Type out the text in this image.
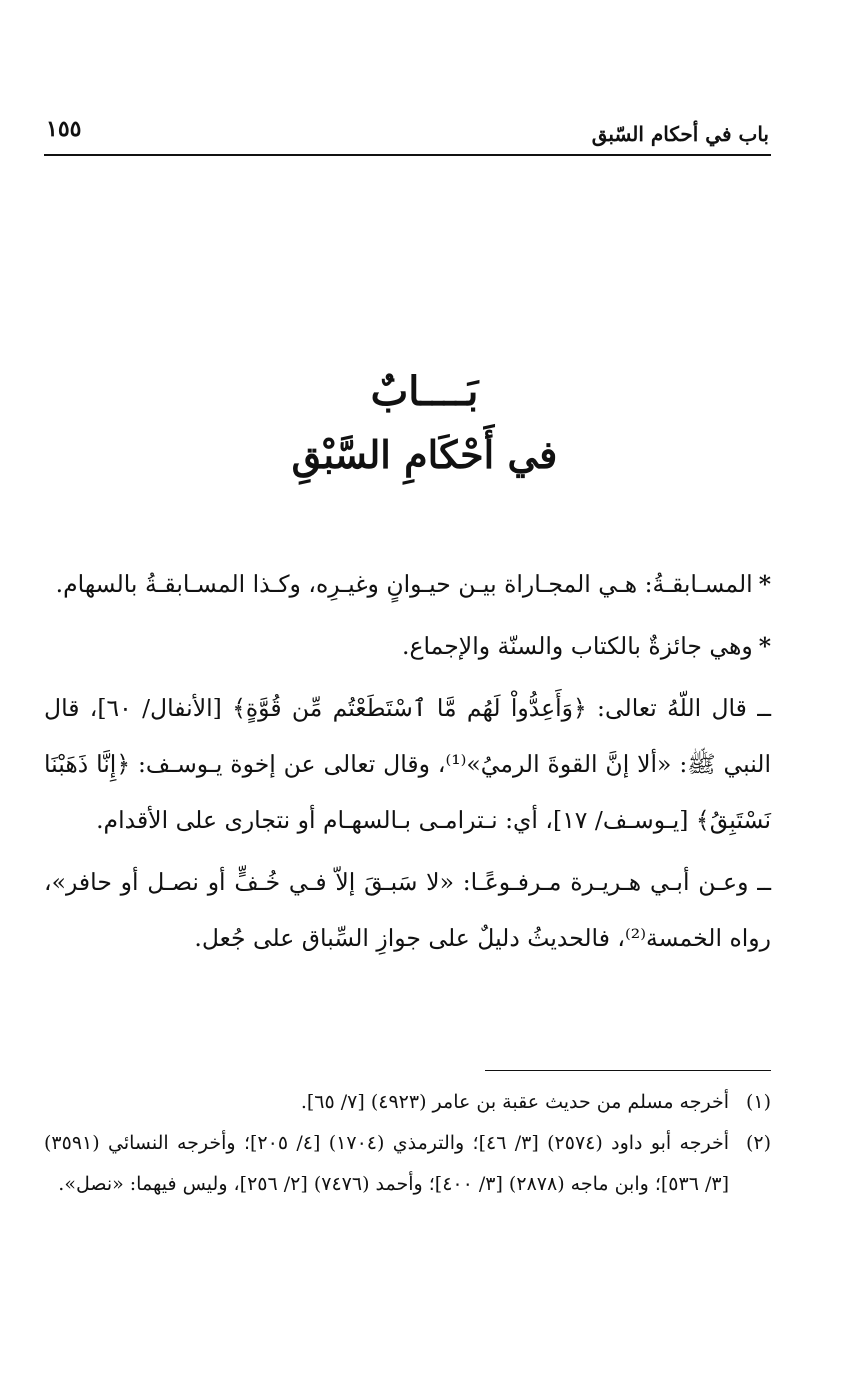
باب في أحكام السّبق
١٥٥
بَــــابٌ
في أَحْكَامِ السَّبْقِ

*المسـابقـةُ: هـي المجـاراة بيـن حيـوانٍ وغيـرِه، وكـذا المسـابقـةُ بالسهام.

*وهي جائزةٌ بالكتاب والسنّة والإجماع.

ــ قال اللّهُ تعالى: ﴿وَأَعِدُّواْ لَهُم مَّا ٱسْتَطَعْتُم مِّن قُوَّةٍ﴾ [الأنفال/ ٦٠]، قال النبي ﷺ: «ألا إنَّ القوةَ الرميُ»⁽¹⁾، وقال تعالى عن إخوة يـوسـف: ﴿إِنَّا ذَهَبْنَا نَسْتَبِقُ﴾ [يـوسـف/ ١٧]، أي: نـترامـى بـالسهـام أو نتجارى على الأقدام.

ــ وعـن أبـي هـريـرة مـرفـوعًـا: «لا سَبـقَ إلاّ فـي خُـفٍّ أو نصـل أو حافر»، رواه الخمسة⁽²⁾، فالحديثُ دليلٌ على جوازِ السِّباق على جُعل.

(١)
أخرجه مسلم من حديث عقبة بن عامر (٤٩٢٣) [٧/ ٦٥].
(٢)
أخرجه أبو داود (٢٥٧٤) [٣/ ٤٦]؛ والترمذي (١٧٠٤) [٤/ ٢٠٥]؛ وأخرجه النسائي (٣٥٩١) [٣/ ٥٣٦]؛ وابن ماجه (٢٨٧٨) [٣/ ٤٠٠]؛ وأحمد (٧٤٧٦) [٢/ ٢٥٦]، وليس فيهما: «نصل».
